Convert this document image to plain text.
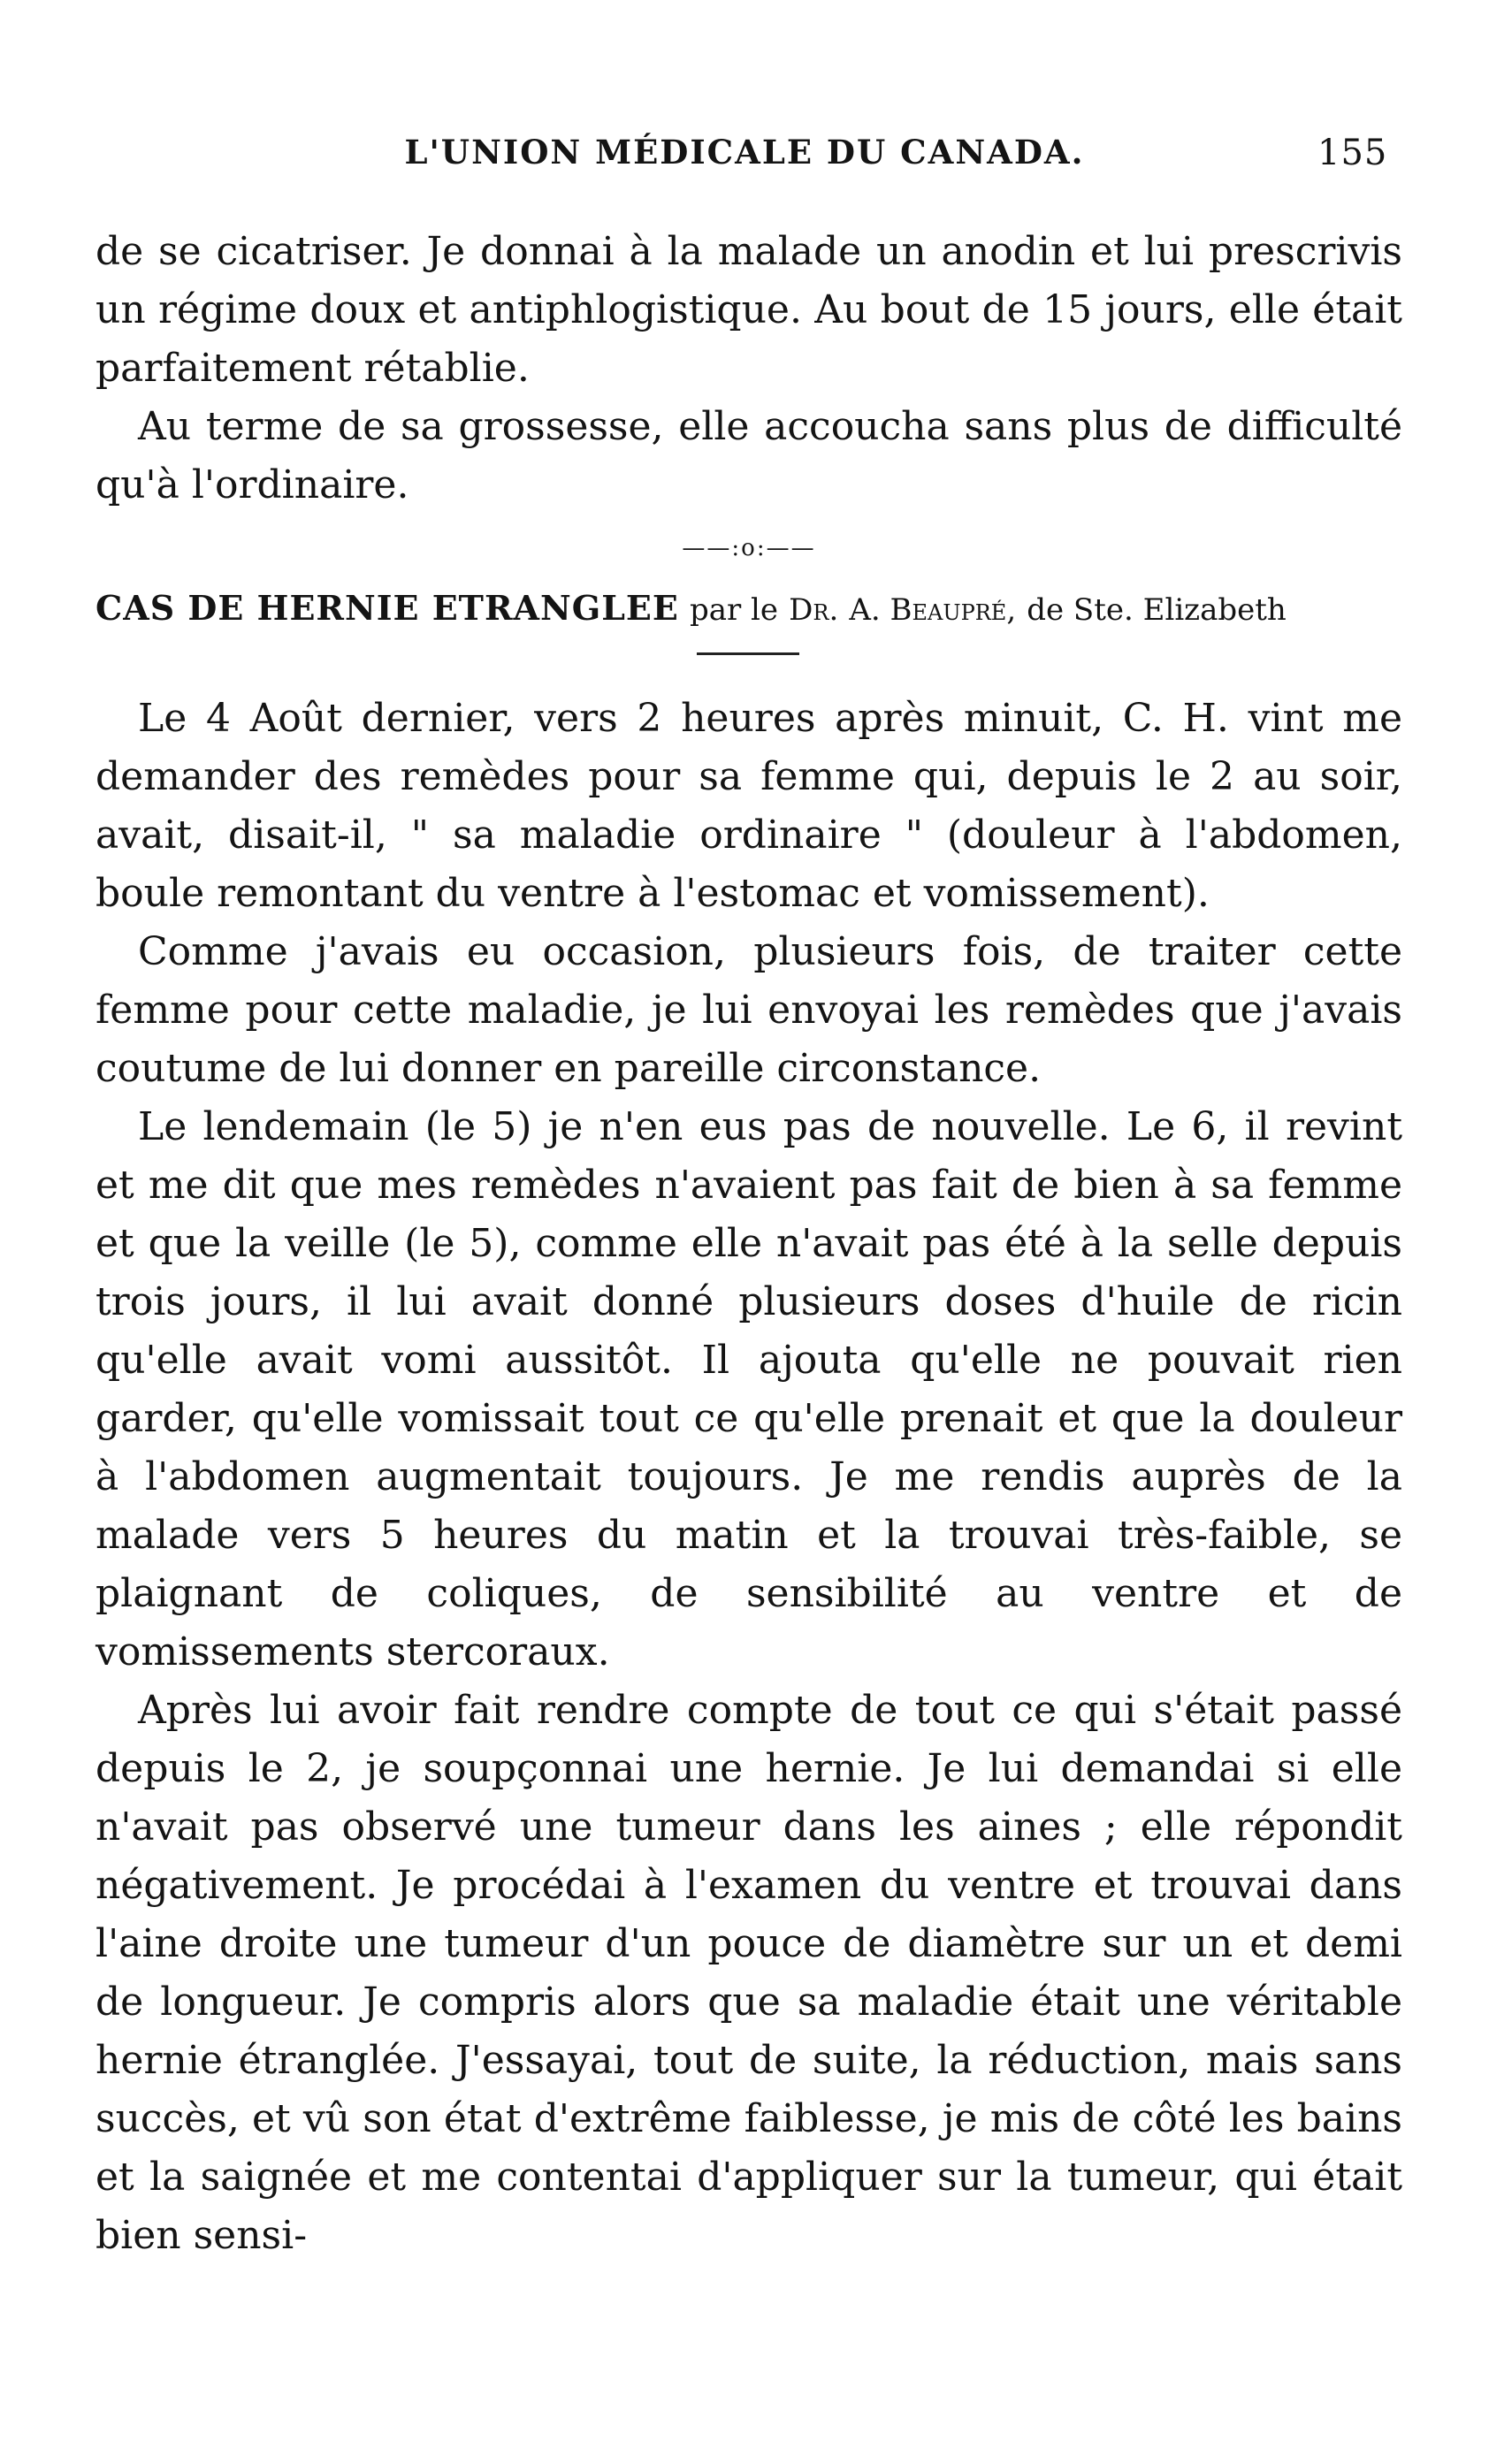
L'UNION MÉDICALE DU CANADA.	155

de se cicatriser. Je donnai à la malade un anodin et lui prescrivis un régime doux et antiphlogistique. Au bout de 15 jours, elle était parfaitement rétablie.

Au terme de sa grossesse, elle accoucha sans plus de difficulté qu'à l'ordinaire.

——:o:——
CAS DE HERNIE ETRANGLEE par le Dr. A. Beaupré, de Ste. Elizabeth

Le 4 Août dernier, vers 2 heures après minuit, C. H. vint me demander des remèdes pour sa femme qui, depuis le 2 au soir, avait, disait-il, " sa maladie ordinaire " (douleur à l'abdomen, boule remontant du ventre à l'estomac et vomissement).

Comme j'avais eu occasion, plusieurs fois, de traiter cette femme pour cette maladie, je lui envoyai les remèdes que j'avais coutume de lui donner en pareille circonstance.

Le lendemain (le 5) je n'en eus pas de nouvelle. Le 6, il revint et me dit que mes remèdes n'avaient pas fait de bien à sa femme et que la veille (le 5), comme elle n'avait pas été à la selle depuis trois jours, il lui avait donné plusieurs doses d'huile de ricin qu'elle avait vomi aussitôt. Il ajouta qu'elle ne pouvait rien garder, qu'elle vomissait tout ce qu'elle prenait et que la douleur à l'abdomen augmentait toujours. Je me rendis auprès de la malade vers 5 heures du matin et la trouvai très-faible, se plaignant de coliques, de sensibilité au ventre et de vomissements stercoraux.

Après lui avoir fait rendre compte de tout ce qui s'était passé depuis le 2, je soupçonnai une hernie. Je lui demandai si elle n'avait pas observé une tumeur dans les aines ; elle répondit négativement. Je procédai à l'examen du ventre et trouvai dans l'aine droite une tumeur d'un pouce de diamètre sur un et demi de longueur. Je compris alors que sa maladie était une véritable hernie étranglée. J'essayai, tout de suite, la réduction, mais sans succès, et vû son état d'extrême faiblesse, je mis de côté les bains et la saignée et me contentai d'appliquer sur la tumeur, qui était bien sensi-
